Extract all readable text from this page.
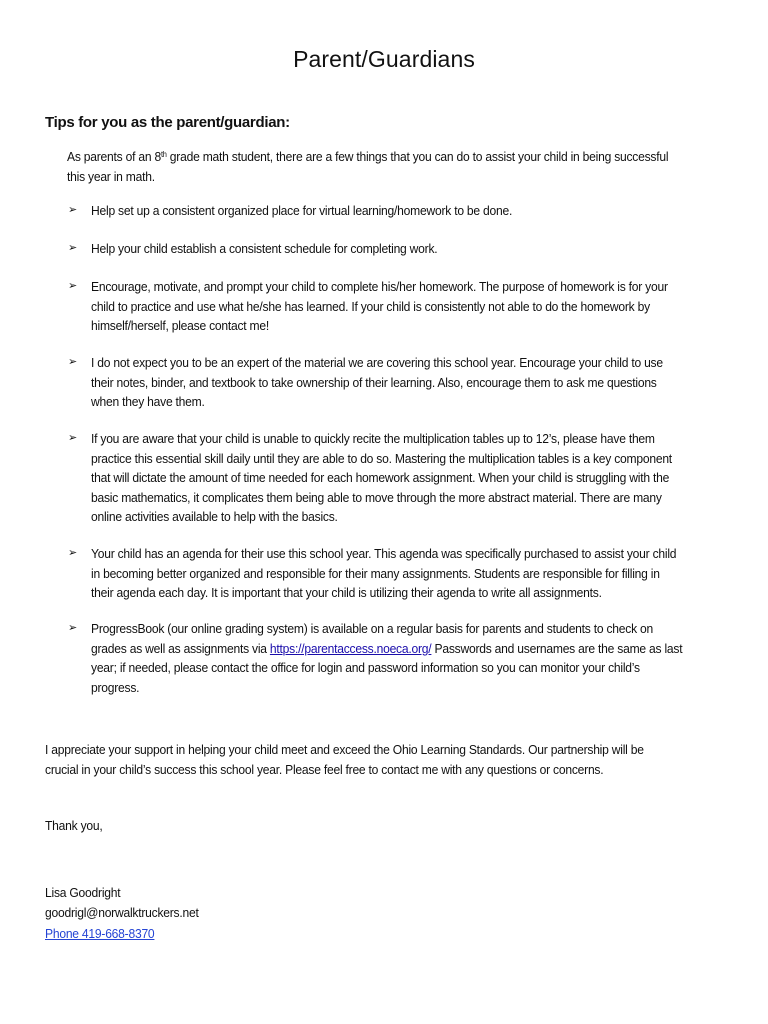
Parent/Guardians
Tips for you as the parent/guardian:
As parents of an 8th grade math student, there are a few things that you can do to assist your child in being successful
this year in math.
➢ Help set up a consistent organized place for virtual learning/homework to be done.
➢ Help your child establish a consistent schedule for completing work.
➢ Encourage, motivate, and prompt your child to complete his/her homework. The purpose of homework is for your
child to practice and use what he/she has learned. If your child is consistently not able to do the homework by
himself/herself, please contact me!
➢ I do not expect you to be an expert of the material we are covering this school year. Encourage your child to use
their notes, binder, and textbook to take ownership of their learning. Also, encourage them to ask me questions
when they have them.
➢ If you are aware that your child is unable to quickly recite the multiplication tables up to 12’s, please have them
practice this essential skill daily until they are able to do so. Mastering the multiplication tables is a key component
that will dictate the amount of time needed for each homework assignment. When your child is struggling with the
basic mathematics, it complicates them being able to move through the more abstract material. There are many
online activities available to help with the basics.
➢ Your child has an agenda for their use this school year. This agenda was specifically purchased to assist your child
in becoming better organized and responsible for their many assignments. Students are responsible for filling in
their agenda each day. It is important that your child is utilizing their agenda to write all assignments.
➢ ProgressBook (our online grading system) is available on a regular basis for parents and students to check on
grades as well as assignments via https://parentaccess.noeca.org/ Passwords and usernames are the same as last
year; if needed, please contact the office for login and password information so you can monitor your child’s
progress.
I appreciate your support in helping your child meet and exceed the Ohio Learning Standards. Our partnership will be
crucial in your child’s success this school year. Please feel free to contact me with any questions or concerns.
Thank you,
Lisa Goodright
goodrigl@norwalktruckers.net
Phone 419-668-8370
